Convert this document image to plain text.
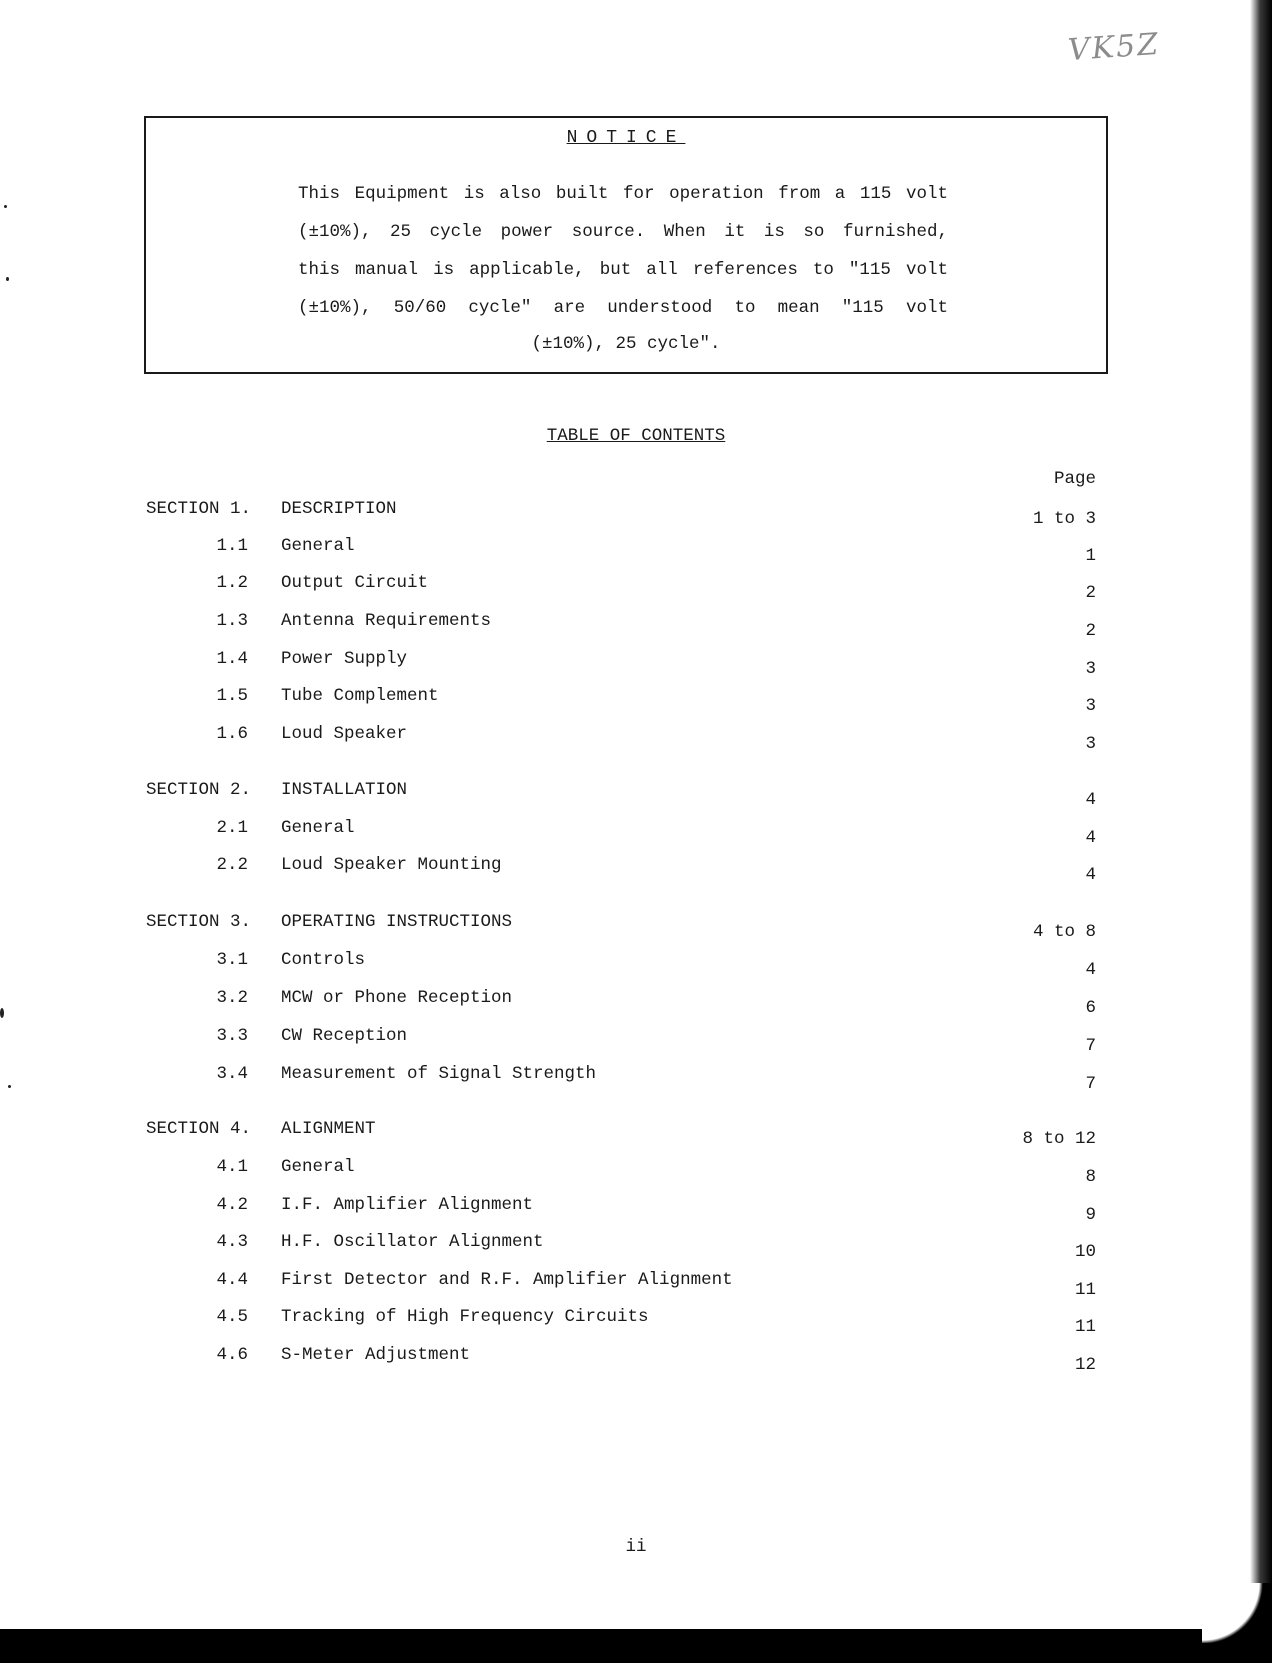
VK5Z
NOTICE
This Equipment is also built for operation from a 115 volt
(±10%), 25 cycle power source. When it is so furnished,
this manual is applicable, but all references to "115 volt
(±10%), 50/60 cycle" are understood to mean "115 volt
(±10%), 25 cycle".
TABLE OF CONTENTS
Page
SECTION 1. DESCRIPTION	1 to 3
1.1 General	1
1.2 Output Circuit	2
1.3 Antenna Requirements	2
1.4 Power Supply	3
1.5 Tube Complement	3
1.6 Loud Speaker	3
SECTION 2. INSTALLATION	4
2.1 General	4
2.2 Loud Speaker Mounting	4
SECTION 3. OPERATING INSTRUCTIONS	4 to 8
3.1 Controls	4
3.2 MCW or Phone Reception	6
3.3 CW Reception	7
3.4 Measurement of Signal Strength	7
SECTION 4. ALIGNMENT	8 to 12
4.1 General	8
4.2 I.F. Amplifier Alignment	9
4.3 H.F. Oscillator Alignment	10
4.4 First Detector and R.F. Amplifier Alignment	11
4.5 Tracking of High Frequency Circuits	11
4.6 S-Meter Adjustment	12
ii
